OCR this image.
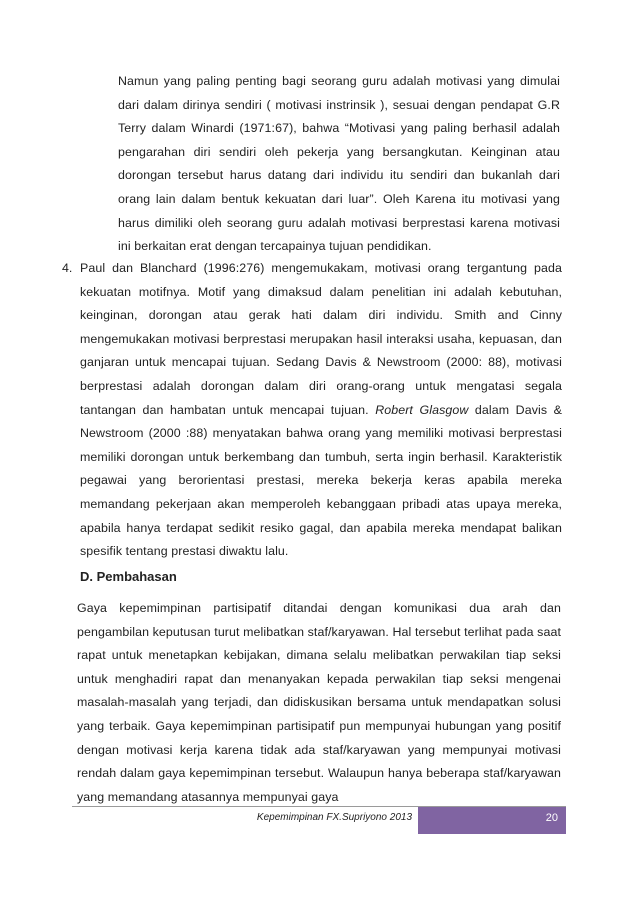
Namun yang paling penting bagi seorang guru adalah motivasi yang dimulai dari dalam dirinya sendiri ( motivasi instrinsik ), sesuai dengan pendapat G.R Terry dalam Winardi (1971:67), bahwa “Motivasi yang paling berhasil adalah pengarahan diri sendiri oleh pekerja yang bersangkutan. Keinginan atau dorongan tersebut harus datang dari individu itu sendiri dan bukanlah dari orang lain dalam bentuk kekuatan dari luar”. Oleh Karena itu motivasi yang harus dimiliki oleh seorang guru adalah motivasi berprestasi karena motivasi ini berkaitan erat dengan tercapainya tujuan pendidikan.
4. Paul dan Blanchard (1996:276) mengemukakam, motivasi orang tergantung pada kekuatan motifnya. Motif yang dimaksud dalam penelitian ini adalah kebutuhan, keinginan, dorongan atau gerak hati dalam diri individu. Smith and Cinny mengemukakan motivasi berprestasi merupakan hasil interaksi usaha, kepuasan, dan ganjaran untuk mencapai tujuan. Sedang Davis & Newstroom (2000: 88), motivasi berprestasi adalah dorongan dalam diri orang-orang untuk mengatasi segala tantangan dan hambatan untuk mencapai tujuan. Robert Glasgow dalam Davis & Newstroom (2000 :88) menyatakan bahwa orang yang memiliki motivasi berprestasi memiliki dorongan untuk berkembang dan tumbuh, serta ingin berhasil. Karakteristik pegawai yang berorientasi prestasi, mereka bekerja keras apabila mereka memandang pekerjaan akan memperoleh kebanggaan pribadi atas upaya mereka, apabila hanya terdapat sedikit resiko gagal, dan apabila mereka mendapat balikan spesifik tentang prestasi diwaktu lalu.
D. Pembahasan
Gaya kepemimpinan partisipatif ditandai dengan komunikasi dua arah dan pengambilan keputusan turut melibatkan staf/karyawan. Hal tersebut terlihat pada saat rapat untuk menetapkan kebijakan, dimana selalu melibatkan perwakilan tiap seksi untuk menghadiri rapat dan menanyakan kepada perwakilan tiap seksi mengenai masalah-masalah yang terjadi, dan didiskusikan bersama untuk mendapatkan solusi yang terbaik. Gaya kepemimpinan partisipatif pun mempunyai hubungan yang positif dengan motivasi kerja karena tidak ada staf/karyawan yang mempunyai motivasi rendah dalam gaya kepemimpinan tersebut. Walaupun hanya beberapa staf/karyawan yang memandang atasannya mempunyai gaya
Kepemimpinan FX.Supriyono 2013	20
